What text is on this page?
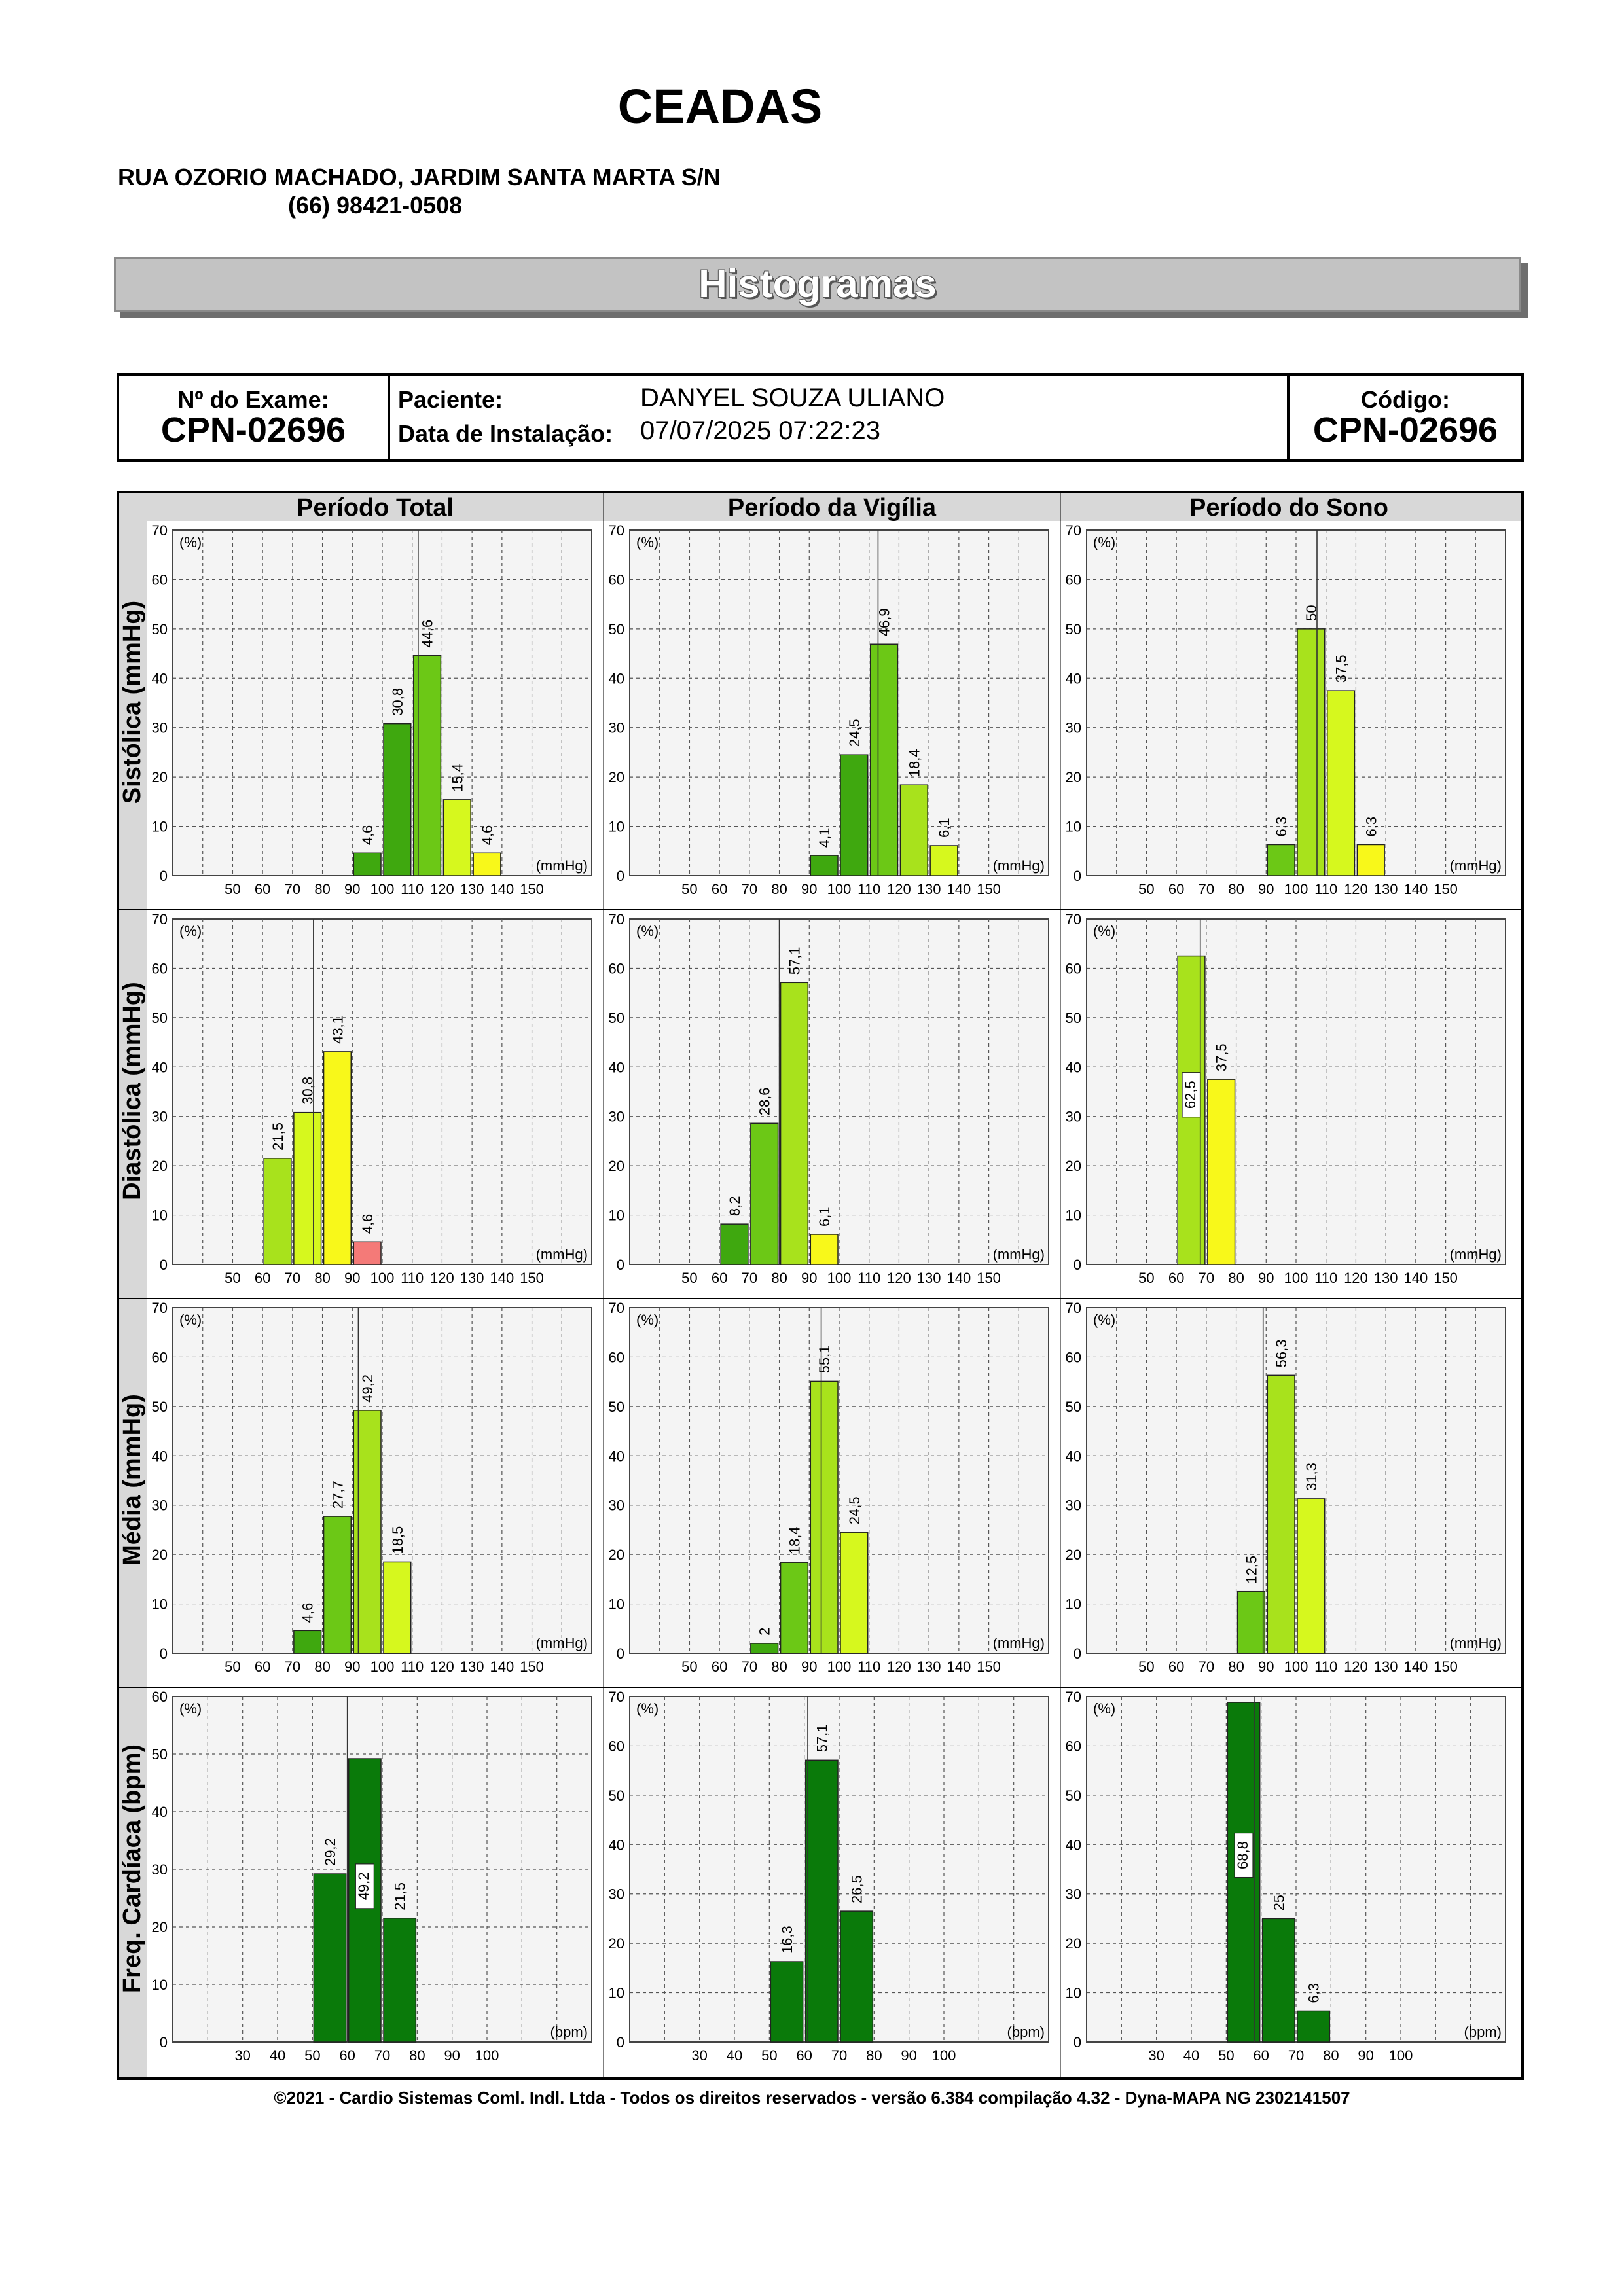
CEADAS
RUA OZORIO MACHADO, JARDIM SANTA MARTA S/N
(66) 98421-0508
Histogramas
Nº do Exame:
CPN-02696
Paciente:	DANYEL SOUZA ULIANO
Data de Instalação: 07/07/2025 07:22:23
Código:
CPN-02696
Período Total	Período da Vigília	Período do Sono
Sistólica (mmHg)
Diastólica (mmHg)
Média (mmHg)
Freq. Cardíaca (bpm)
0
10
20
30
40
50
60
70
(%)
(mmHg)
50 60 70 80 90 100 110 120 130 140 150
4,6
30,8
44,6
15,4
4,6
0
10
20
30
40
50
60
70
(%)
(mmHg)
50 60 70 80 90 100 110 120 130 140 150
4,1
24,5
46,9
18,4
6,1
0
10
20
30
40
50
60
70
(%)
(mmHg)
50 60 70 80 90 100 110 120 130 140 150
6,3
50
37,5
6,3
0
10
20
30
40
50
60
70
(%)
(mmHg)
50 60 70 80 90 100 110 120 130 140 150
21,5
30,8
43,1
4,6
0
10
20
30
40
50
60
70
(%)
(mmHg)
50 60 70 80 90 100 110 120 130 140 150
8,2
28,6
57,1
6,1
0
10
20
30
40
50
60
70
(%)
(mmHg)
50 60 70 80 90 100 110 120 130 140 150
62,5
37,5
0
10
20
30
40
50
60
70
(%)
(mmHg)
50 60 70 80 90 100 110 120 130 140 150
4,6
27,7
49,2
18,5
0
10
20
30
40
50
60
70
(%)
(mmHg)
50 60 70 80 90 100 110 120 130 140 150
2
18,4
55,1
24,5
0
10
20
30
40
50
60
70
(%)
(mmHg)
50 60 70 80 90 100 110 120 130 140 150
12,5
56,3
31,3
0
10
20
30
40
50
60
(%)
(bpm)
30 40 50 60 70 80 90 100
29,2
49,2 21,5
0
10
20
30
40
50
60
70
(%)
(bpm)
30 40 50 60 70 80 90 100
16,3
57,1
26,5
0
10
20
30
40
50
60
70
(%)
(bpm)
30 40 50 60 70 80 90 100
68,8
25
6,3
©2021 - Cardio Sistemas Coml. Indl. Ltda - Todos os direitos reservados - versão 6.384 compilação 4.32 - Dyna-MAPA NG 2302141507
